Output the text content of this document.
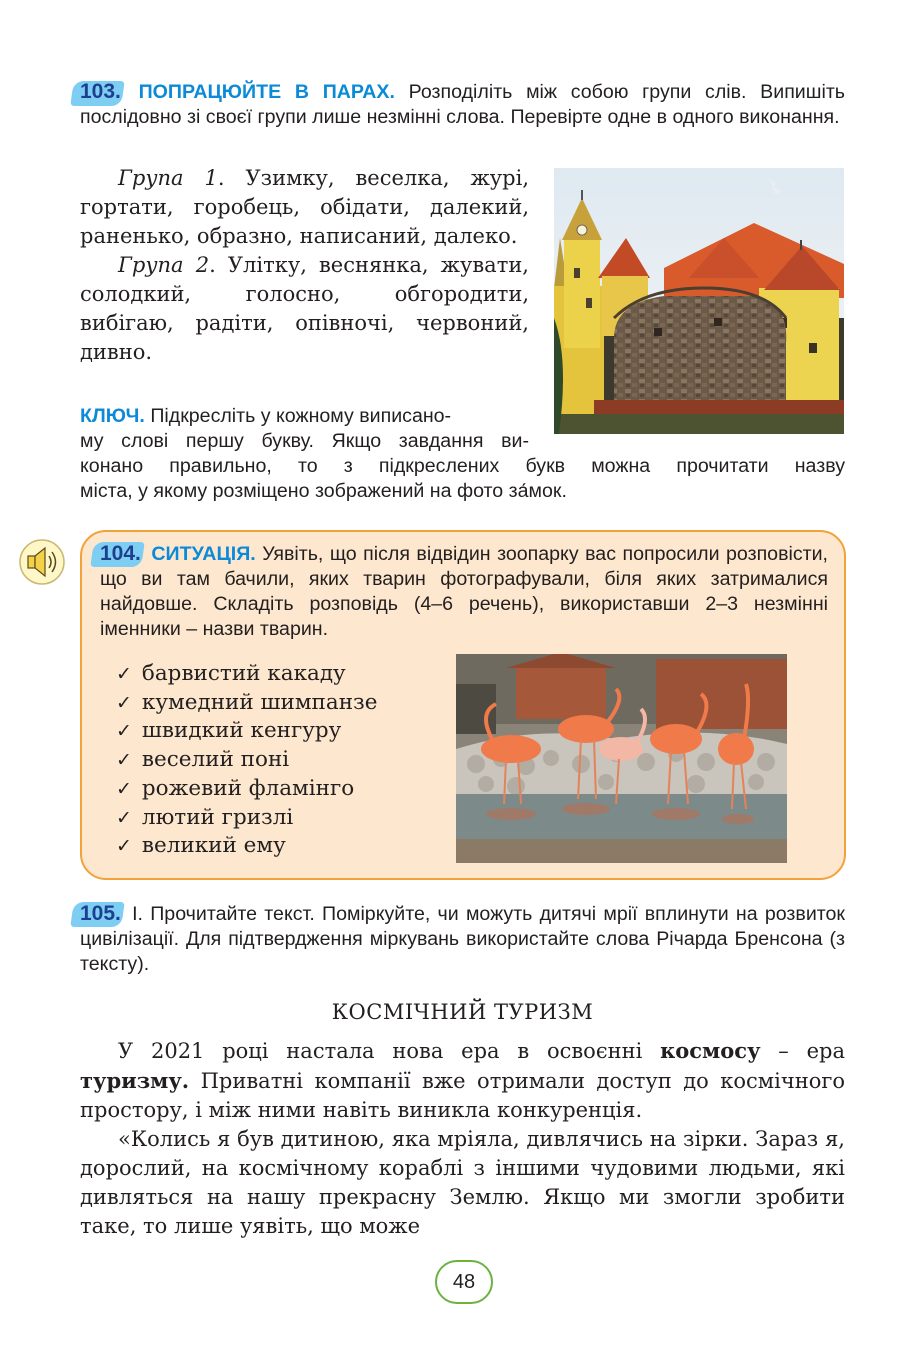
103. ПОПРАЦЮЙТЕ В ПАРАХ. Розподіліть між собою групи слів. Випишіть послідовно зі своєї групи лише незмінні слова. Перевірте одне в одного виконання.

Група 1. Узимку, веселка, журі, гортати, горобець, обідати, далекий, раненько, образно, написаний, далеко.

Група 2. Улітку, веснянка, жувати, солодкий, голосно, обгородити, вибігаю, радіти, опівночі, червоний, дивно.

КЛЮЧ. Підкресліть у кожному виписано-
му слові першу букву. Якщо завдання ви-
конано правильно, то з підкреслених букв можна прочитати назву
міста, у якому розміщено зображений на фото за́мок.
104. СИТУАЦІЯ. Уявіть, що після відвідин зоопарку вас попросили розповісти, що ви там бачили, яких тварин фотографували, біля яких затрималися найдовше. Складіть розповідь (4–6 речень), використавши 2–3 незмінні іменники – назви тварин.
✓ барвистий какаду
✓ кумедний шимпанзе
✓ швидкий кенгуру
✓ веселий поні
✓ рожевий фламінго
✓ лютий гризлі
✓ великий ему
105. І. Прочитайте текст. Поміркуйте, чи можуть дитячі мрії вплинути на розвиток цивілізації. Для підтвердження міркувань використайте слова Річарда Бренсона (з тексту).
КОСМІЧНИЙ ТУРИЗМ

У 2021 році настала нова ера в освоєнні космосу – ера туризму. Приватні компанії вже отримали доступ до космічного простору, і між ними навіть виникла конкуренція.

«Колись я був дитиною, яка мріяла, дивлячись на зірки. Зараз я, дорослий, на космічному кораблі з іншими чудовими людьми, які дивляться на нашу прекрасну Землю. Якщо ми змогли зробити таке, то лише уявіть, що може

48
